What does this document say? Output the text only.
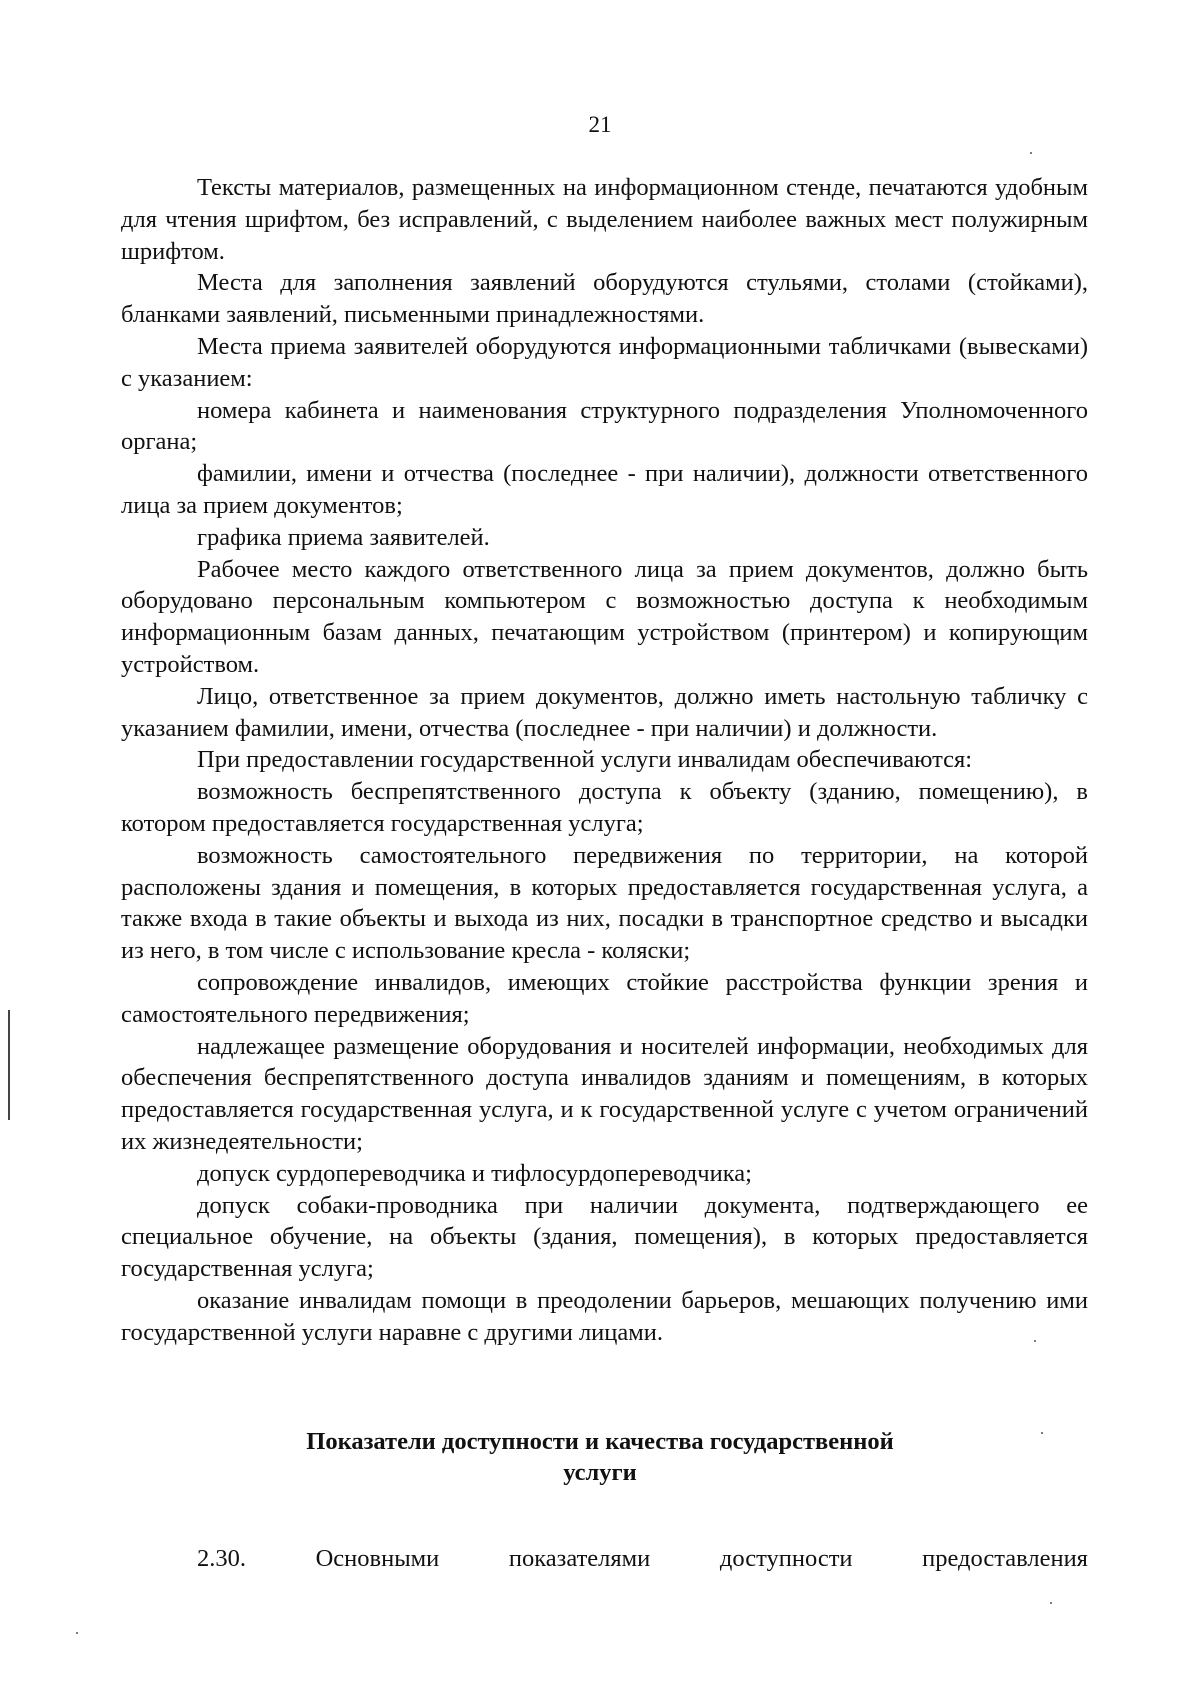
21

Тексты материалов, размещенных на информационном стенде, печатаются удобным для чтения шрифтом, без исправлений, с выделением наиболее важных мест полужирным шрифтом.

Места для заполнения заявлений оборудуются стульями, столами (стойками), бланками заявлений, письменными принадлежностями.

Места приема заявителей оборудуются информационными табличками (вывесками) с указанием:

номера кабинета и наименования структурного подразделения Уполномоченного органа;

фамилии, имени и отчества (последнее - при наличии), должности ответственного лица за прием документов;

графика приема заявителей.

Рабочее место каждого ответственного лица за прием документов, должно быть оборудовано персональным компьютером с возможностью доступа к необходимым информационным базам данных, печатающим устройством (принтером) и копирующим устройством.

Лицо, ответственное за прием документов, должно иметь настольную табличку с указанием фамилии, имени, отчества (последнее - при наличии) и должности.

При предоставлении государственной услуги инвалидам обеспечиваются:

возможность беспрепятственного доступа к объекту (зданию, помещению), в котором предоставляется государственная услуга;

возможность самостоятельного передвижения по территории, на которой расположены здания и помещения, в которых предоставляется государственная услуга, а также входа в такие объекты и выхода из них, посадки в транспортное средство и высадки из него, в том числе с использование кресла - коляски;

сопровождение инвалидов, имеющих стойкие расстройства функции зрения и самостоятельного передвижения;

надлежащее размещение оборудования и носителей информации, необходимых для обеспечения беспрепятственного доступа инвалидов зданиям и помещениям, в которых предоставляется государственная услуга, и к государственной услуге с учетом ограничений их жизнедеятельности;

допуск сурдопереводчика и тифлосурдопереводчика;

допуск собаки-проводника при наличии документа, подтверждающего ее специальное обучение, на объекты (здания, помещения), в которых предоставляется государственная услуга;

оказание инвалидам помощи в преодолении барьеров, мешающих получению ими государственной услуги наравне с другими лицами.

Показатели доступности и качества государственной
услуги
2.30.	Основными	показателями	доступности	предоставления
